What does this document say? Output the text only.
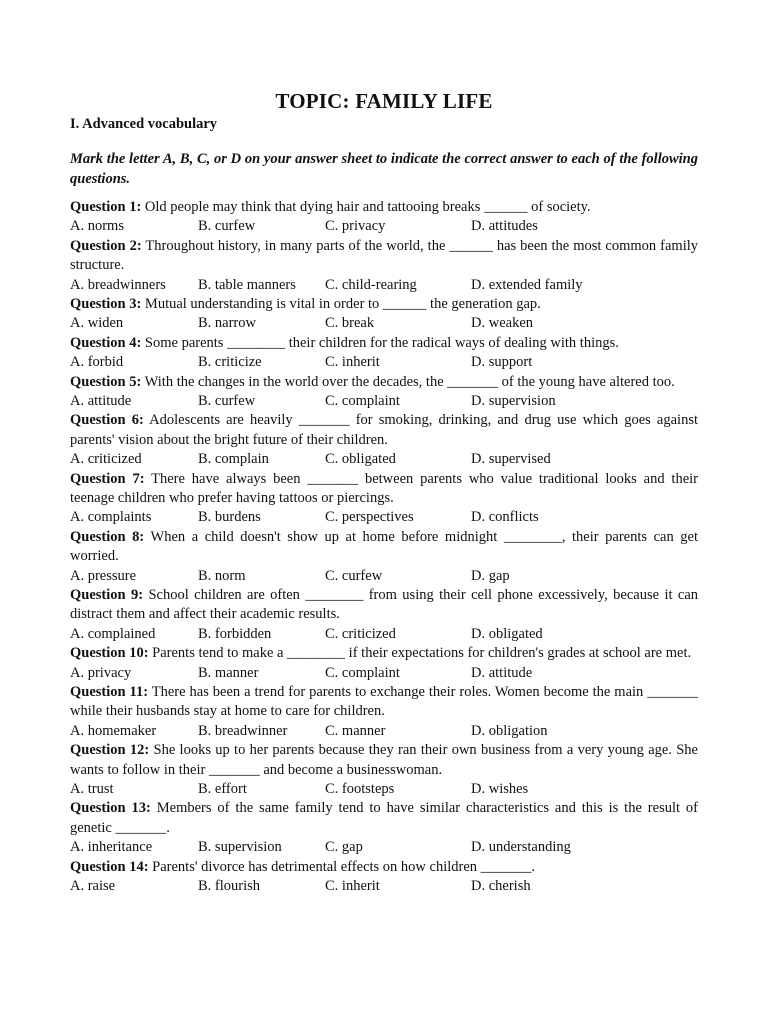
TOPIC: FAMILY LIFE
I. Advanced vocabulary
Mark the letter A, B, C, or D on your answer sheet to indicate the correct answer to each of the following questions.

Question 1: Old people may think that dying hair and tattooing breaks ______ of society.

A. norms	B. curfew	C. privacy	D. attitudes

Question 2: Throughout history, in many parts of the world, the ______ has been the most common family structure.

A. breadwinners	B. table manners	C. child-rearing	D. extended family

Question 3: Mutual understanding is vital in order to ______ the generation gap.

A. widen	B. narrow	C. break	D. weaken

Question 4: Some parents ________ their children for the radical ways of dealing with things.

A. forbid	B. criticize	C. inherit	D. support

Question 5: With the changes in the world over the decades, the _______ of the young have altered too.

A. attitude	B. curfew	C. complaint	D. supervision

Question 6: Adolescents are heavily _______ for smoking, drinking, and drug use which goes against parents' vision about the bright future of their children.

A. criticized	B. complain	C. obligated	D. supervised

Question 7: There have always been _______ between parents who value traditional looks and their teenage children who prefer having tattoos or piercings.

A. complaints	B. burdens	C. perspectives	D. conflicts

Question 8: When a child doesn't show up at home before midnight ________, their parents can get worried.

A. pressure	B. norm	C. curfew	D. gap

Question 9: School children are often ________ from using their cell phone excessively, because it can distract them and affect their academic results.

A. complained	B. forbidden	C. criticized	D. obligated

Question 10: Parents tend to make a ________ if their expectations for children's grades at school are met.

A. privacy	B. manner	C. complaint	D. attitude

Question 11: There has been a trend for parents to exchange their roles. Women become the main _______ while their husbands stay at home to care for children.

A. homemaker	B. breadwinner	C. manner	D. obligation

Question 12: She looks up to her parents because they ran their own business from a very young age. She wants to follow in their _______ and become a businesswoman.

A. trust	B. effort	C. footsteps	D. wishes

Question 13: Members of the same family tend to have similar characteristics and this is the result of genetic _______.

A. inheritance	B. supervision	C. gap	D. understanding

Question 14: Parents' divorce has detrimental effects on how children _______.

A. raise	B. flourish	C. inherit	D. cherish
